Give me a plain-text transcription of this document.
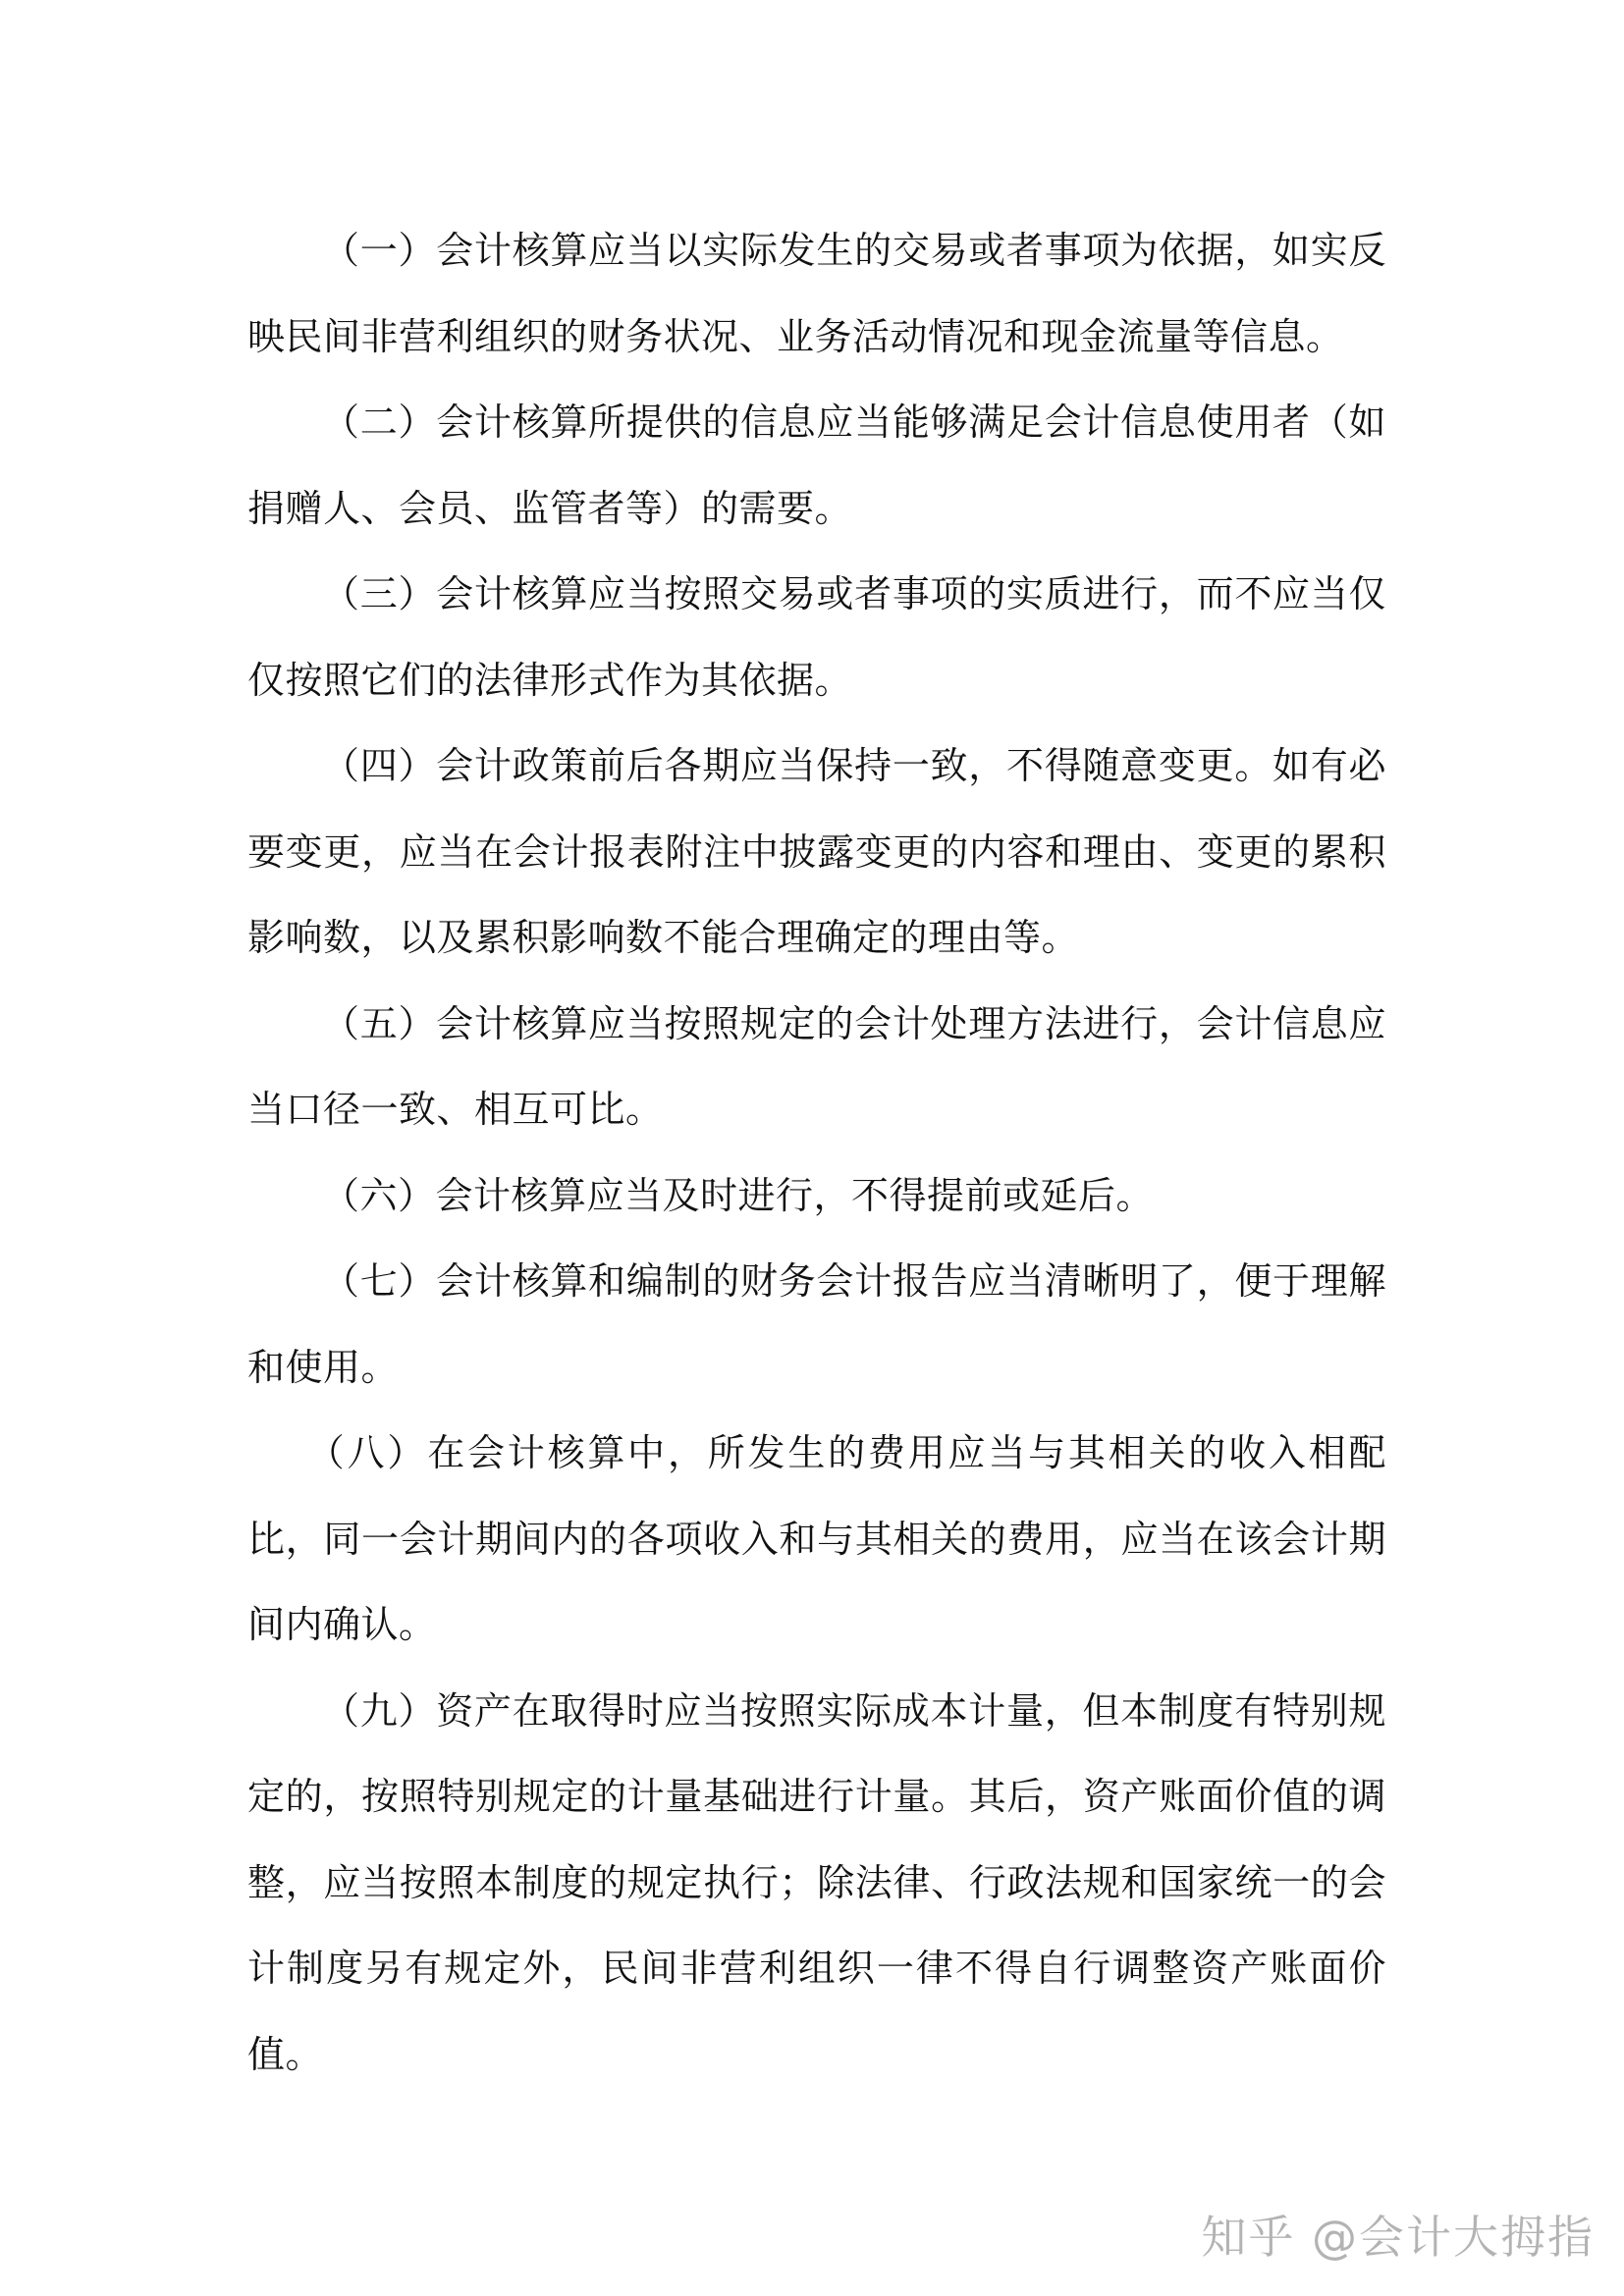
（一）会计核算应当以实际发生的交易或者事项为依据，如实反映民间非营利组织的财务状况、业务活动情况和现金流量等信息。

（二）会计核算所提供的信息应当能够满足会计信息使用者（如捐赠人、会员、监管者等）的需要。

（三）会计核算应当按照交易或者事项的实质进行，而不应当仅仅按照它们的法律形式作为其依据。

（四）会计政策前后各期应当保持一致，不得随意变更。如有必要变更，应当在会计报表附注中披露变更的内容和理由、变更的累积影响数，以及累积影响数不能合理确定的理由等。

（五）会计核算应当按照规定的会计处理方法进行，会计信息应当口径一致、相互可比。

（六）会计核算应当及时进行，不得提前或延后。

（七）会计核算和编制的财务会计报告应当清晰明了，便于理解和使用。

（八）在会计核算中，所发生的费用应当与其相关的收入相配比，同一会计期间内的各项收入和与其相关的费用，应当在该会计期间内确认。

（九）资产在取得时应当按照实际成本计量，但本制度有特别规定的，按照特别规定的计量基础进行计量。其后，资产账面价值的调整，应当按照本制度的规定执行；除法律、行政法规和国家统一的会计制度另有规定外，民间非营利组织一律不得自行调整资产账面价值。

知乎 @会计大拇指
